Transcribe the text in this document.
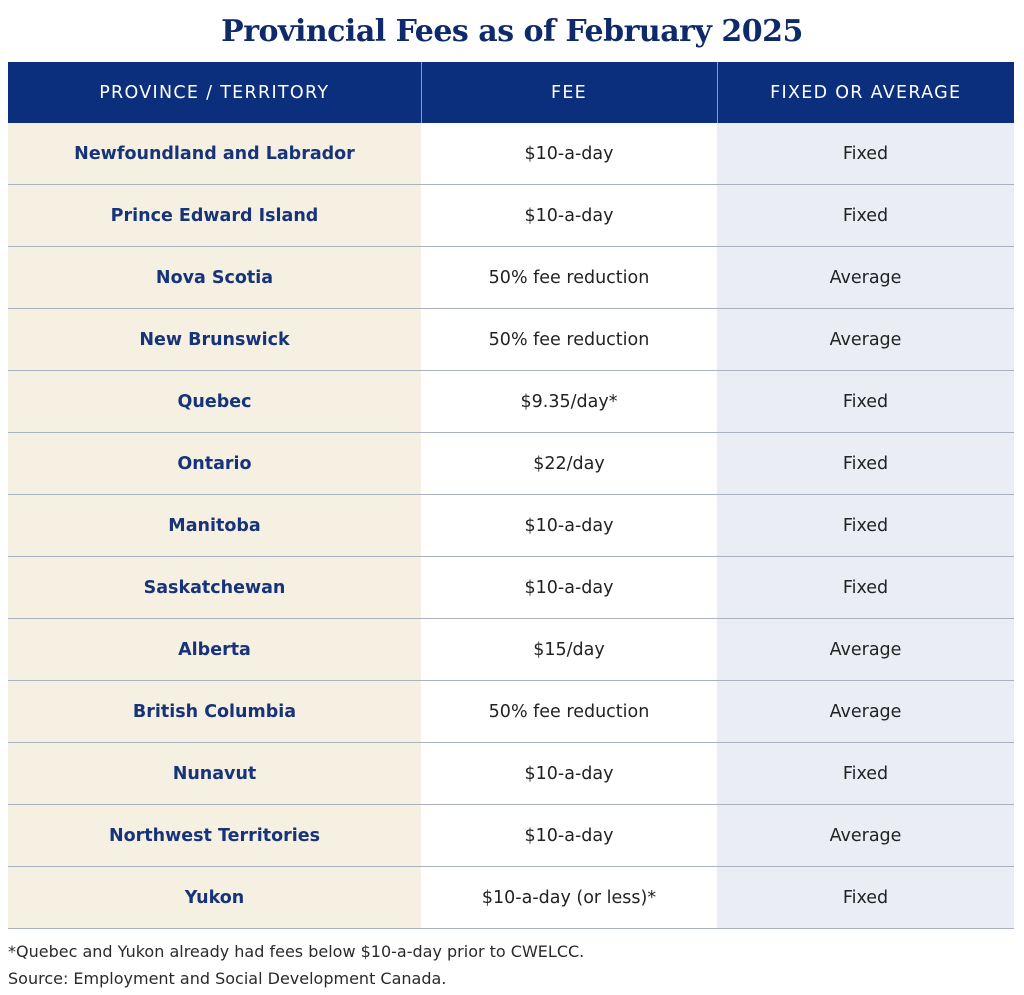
Provincial Fees as of February 2025
PROVINCE / TERRITORY	FEE	FIXED OR AVERAGE
Newfoundland and Labrador	$10-a-day	Fixed
Prince Edward Island	$10-a-day	Fixed
Nova Scotia	50% fee reduction	Average
New Brunswick	50% fee reduction	Average
Quebec	$9.35/day*	Fixed
Ontario	$22/day	Fixed
Manitoba	$10-a-day	Fixed
Saskatchewan	$10-a-day	Fixed
Alberta	$15/day	Average
British Columbia	50% fee reduction	Average
Nunavut	$10-a-day	Fixed
Northwest Territories	$10-a-day	Average
Yukon	$10-a-day (or less)*	Fixed
*Quebec and Yukon already had fees below $10-a-day prior to CWELCC.
Source: Employment and Social Development Canada.
